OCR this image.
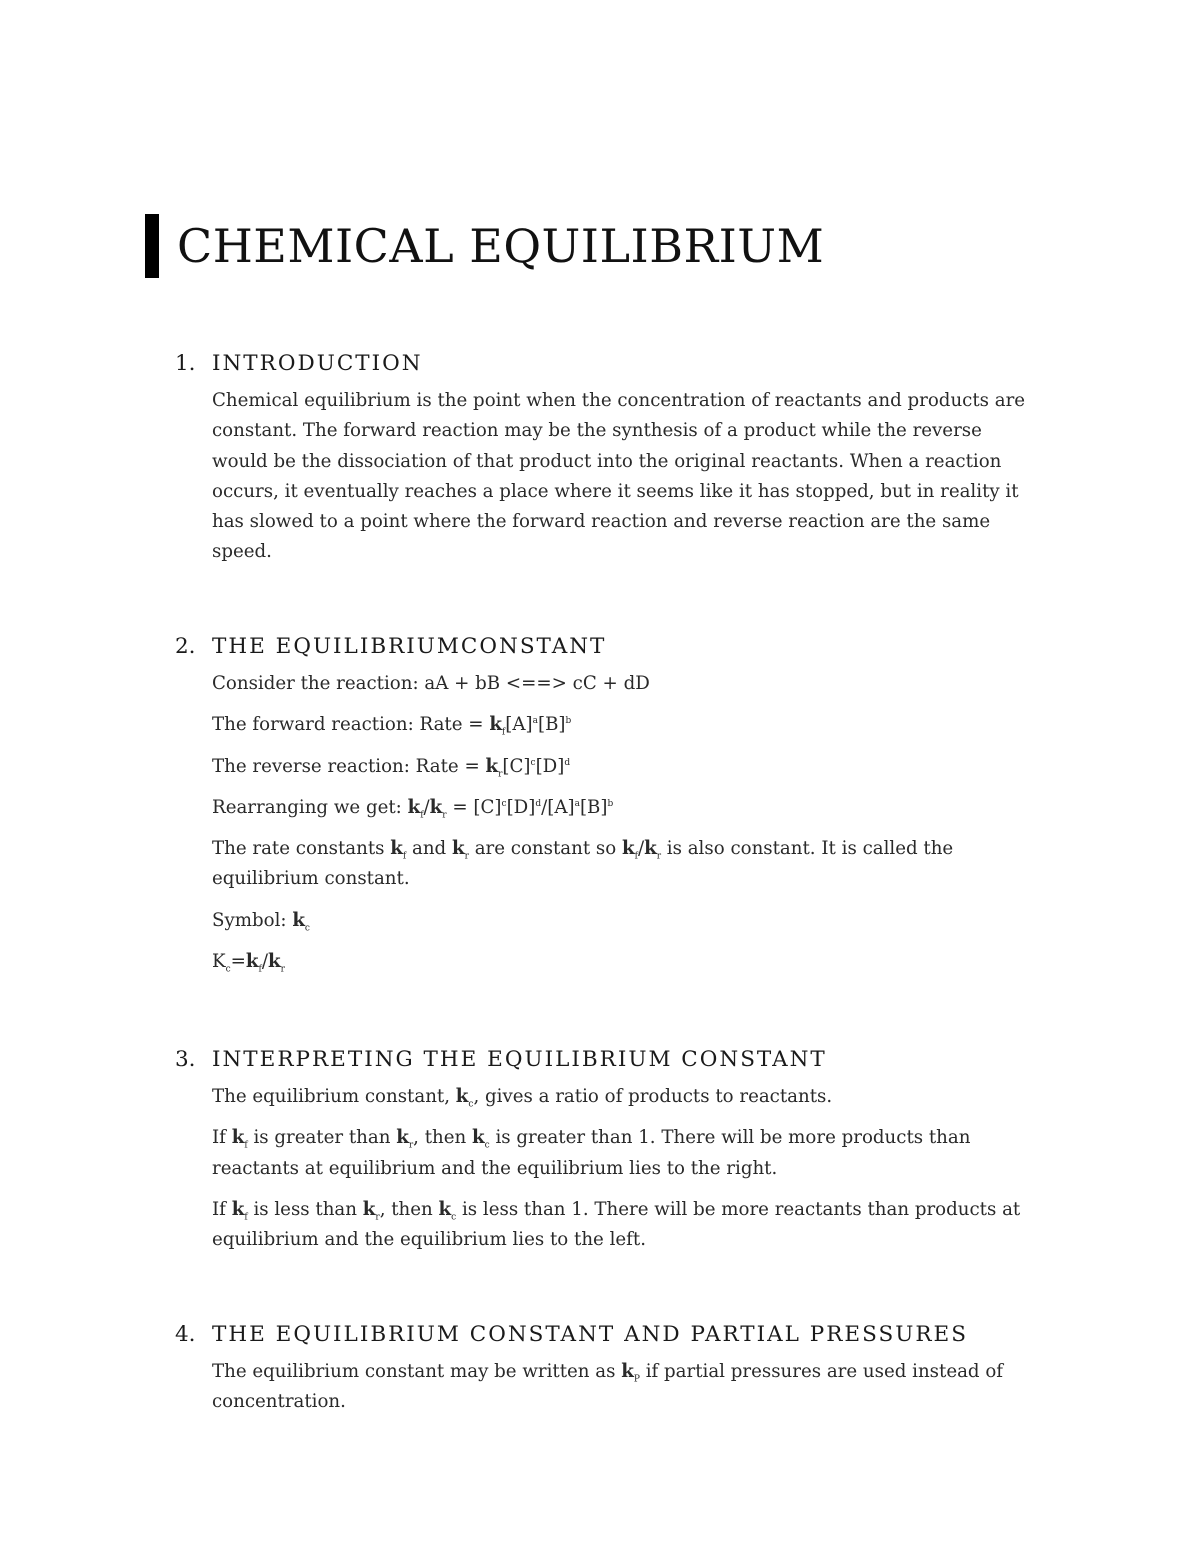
CHEMICAL EQUILIBRIUM
1. INTRODUCTION

Chemical equilibrium is the point when the concentration of reactants and products are constant. The forward reaction may be the synthesis of a product while the reverse would be the dissociation of that product into the original reactants. When a reaction occurs, it eventually reaches a place where it seems like it has stopped, but in reality it has slowed to a point where the forward reaction and reverse reaction are the same speed.

2. THE EQUILIBRIUMCONSTANT

Consider the reaction: aA + bB <==> cC + dD

The forward reaction: Rate = $k_f[A]^a[B]^b$

The reverse reaction: Rate = $k_r[C]^c[D]^d$

Rearranging we get: $k_f/k_r = [C]^c[D]^d/[A]^a[B]^b$

The rate constants $k_f$ and $k_r$ are constant so $k_f/k_r$ is also constant. It is called the equilibrium constant.

Symbol: $k_c$

$K_c=k_f/k_r$

3. INTERPRETING THE EQUILIBRIUM CONSTANT

The equilibrium constant, $k_c$, gives a ratio of products to reactants.

If $k_f$ is greater than $k_r$, then $k_c$ is greater than 1. There will be more products than reactants at equilibrium and the equilibrium lies to the right.

If $k_f$ is less than $k_r$, then $k_c$ is less than 1. There will be more reactants than products at equilibrium and the equilibrium lies to the left.

4. THE EQUILIBRIUM CONSTANT AND PARTIAL PRESSURES

The equilibrium constant may be written as $k_P$ if partial pressures are used instead of concentration.
